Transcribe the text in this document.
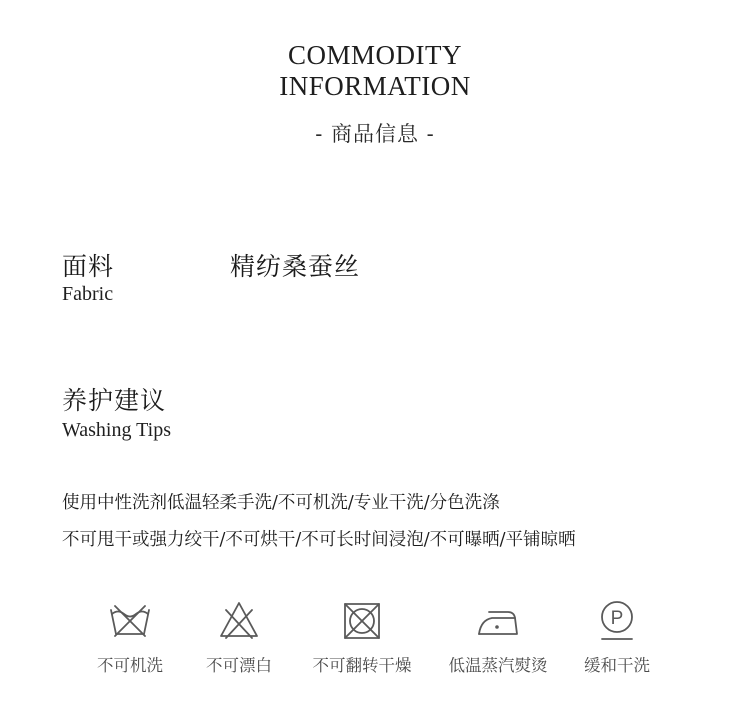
COMMODITY
INFORMATION
- 商品信息 -
面料
Fabric
精纺桑蚕丝
养护建议
Washing Tips
使用中性洗剂低温轻柔手洗/不可机洗/专业干洗/分色洗涤
不可甩干或强力绞干/不可烘干/不可长时间浸泡/不可曝晒/平铺晾晒
不可机洗	不可漂白	不可翻转干燥	低温蒸汽熨烫
P
缓和干洗
